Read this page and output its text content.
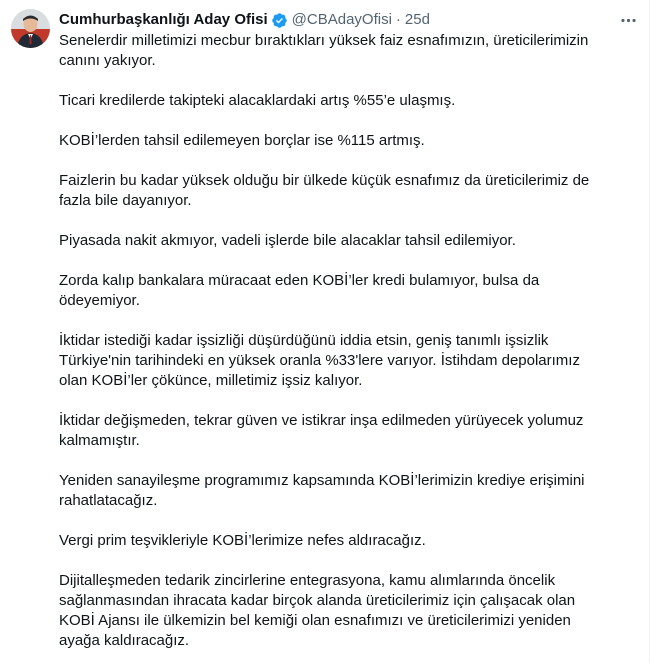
Cumhurbaşkanlığı Aday Ofisi @CBAdayOfisi · 25d

Senelerdir milletimizi mecbur bıraktıkları yüksek faiz esnafımızın, üreticilerimizin canını yakıyor.

Ticari kredilerde takipteki alacaklardaki artış %55’e ulaşmış.

KOBİ’lerden tahsil edilemeyen borçlar ise %115 artmış.

Faizlerin bu kadar yüksek olduğu bir ülkede küçük esnafımız da üreticilerimiz de fazla bile dayanıyor.

Piyasada nakit akmıyor, vadeli işlerde bile alacaklar tahsil edilemiyor.

Zorda kalıp bankalara müracaat eden KOBİ’ler kredi bulamıyor, bulsa da ödeyemiyor.

İktidar istediği kadar işsizliği düşürdüğünü iddia etsin, geniş tanımlı işsizlik Türkiye'nin tarihindeki en yüksek oranla %33'lere varıyor. İstihdam depolarımız olan KOBİ’ler çökünce, milletimiz işsiz kalıyor.

İktidar değişmeden, tekrar güven ve istikrar inşa edilmeden yürüyecek yolumuz kalmamıştır.

Yeniden sanayileşme programımız kapsamında KOBİ’lerimizin krediye erişimini rahatlatacağız.

Vergi prim teşvikleriyle KOBİ’lerimize nefes aldıracağız.

Dijitalleşmeden tedarik zincirlerine entegrasyona, kamu alımlarında öncelik sağlanmasından ihracata kadar birçok alanda üreticilerimiz için çalışacak olan KOBİ Ajansı ile ülkemizin bel kemiği olan esnafımızı ve üreticilerimizi yeniden ayağa kaldıracağız.
